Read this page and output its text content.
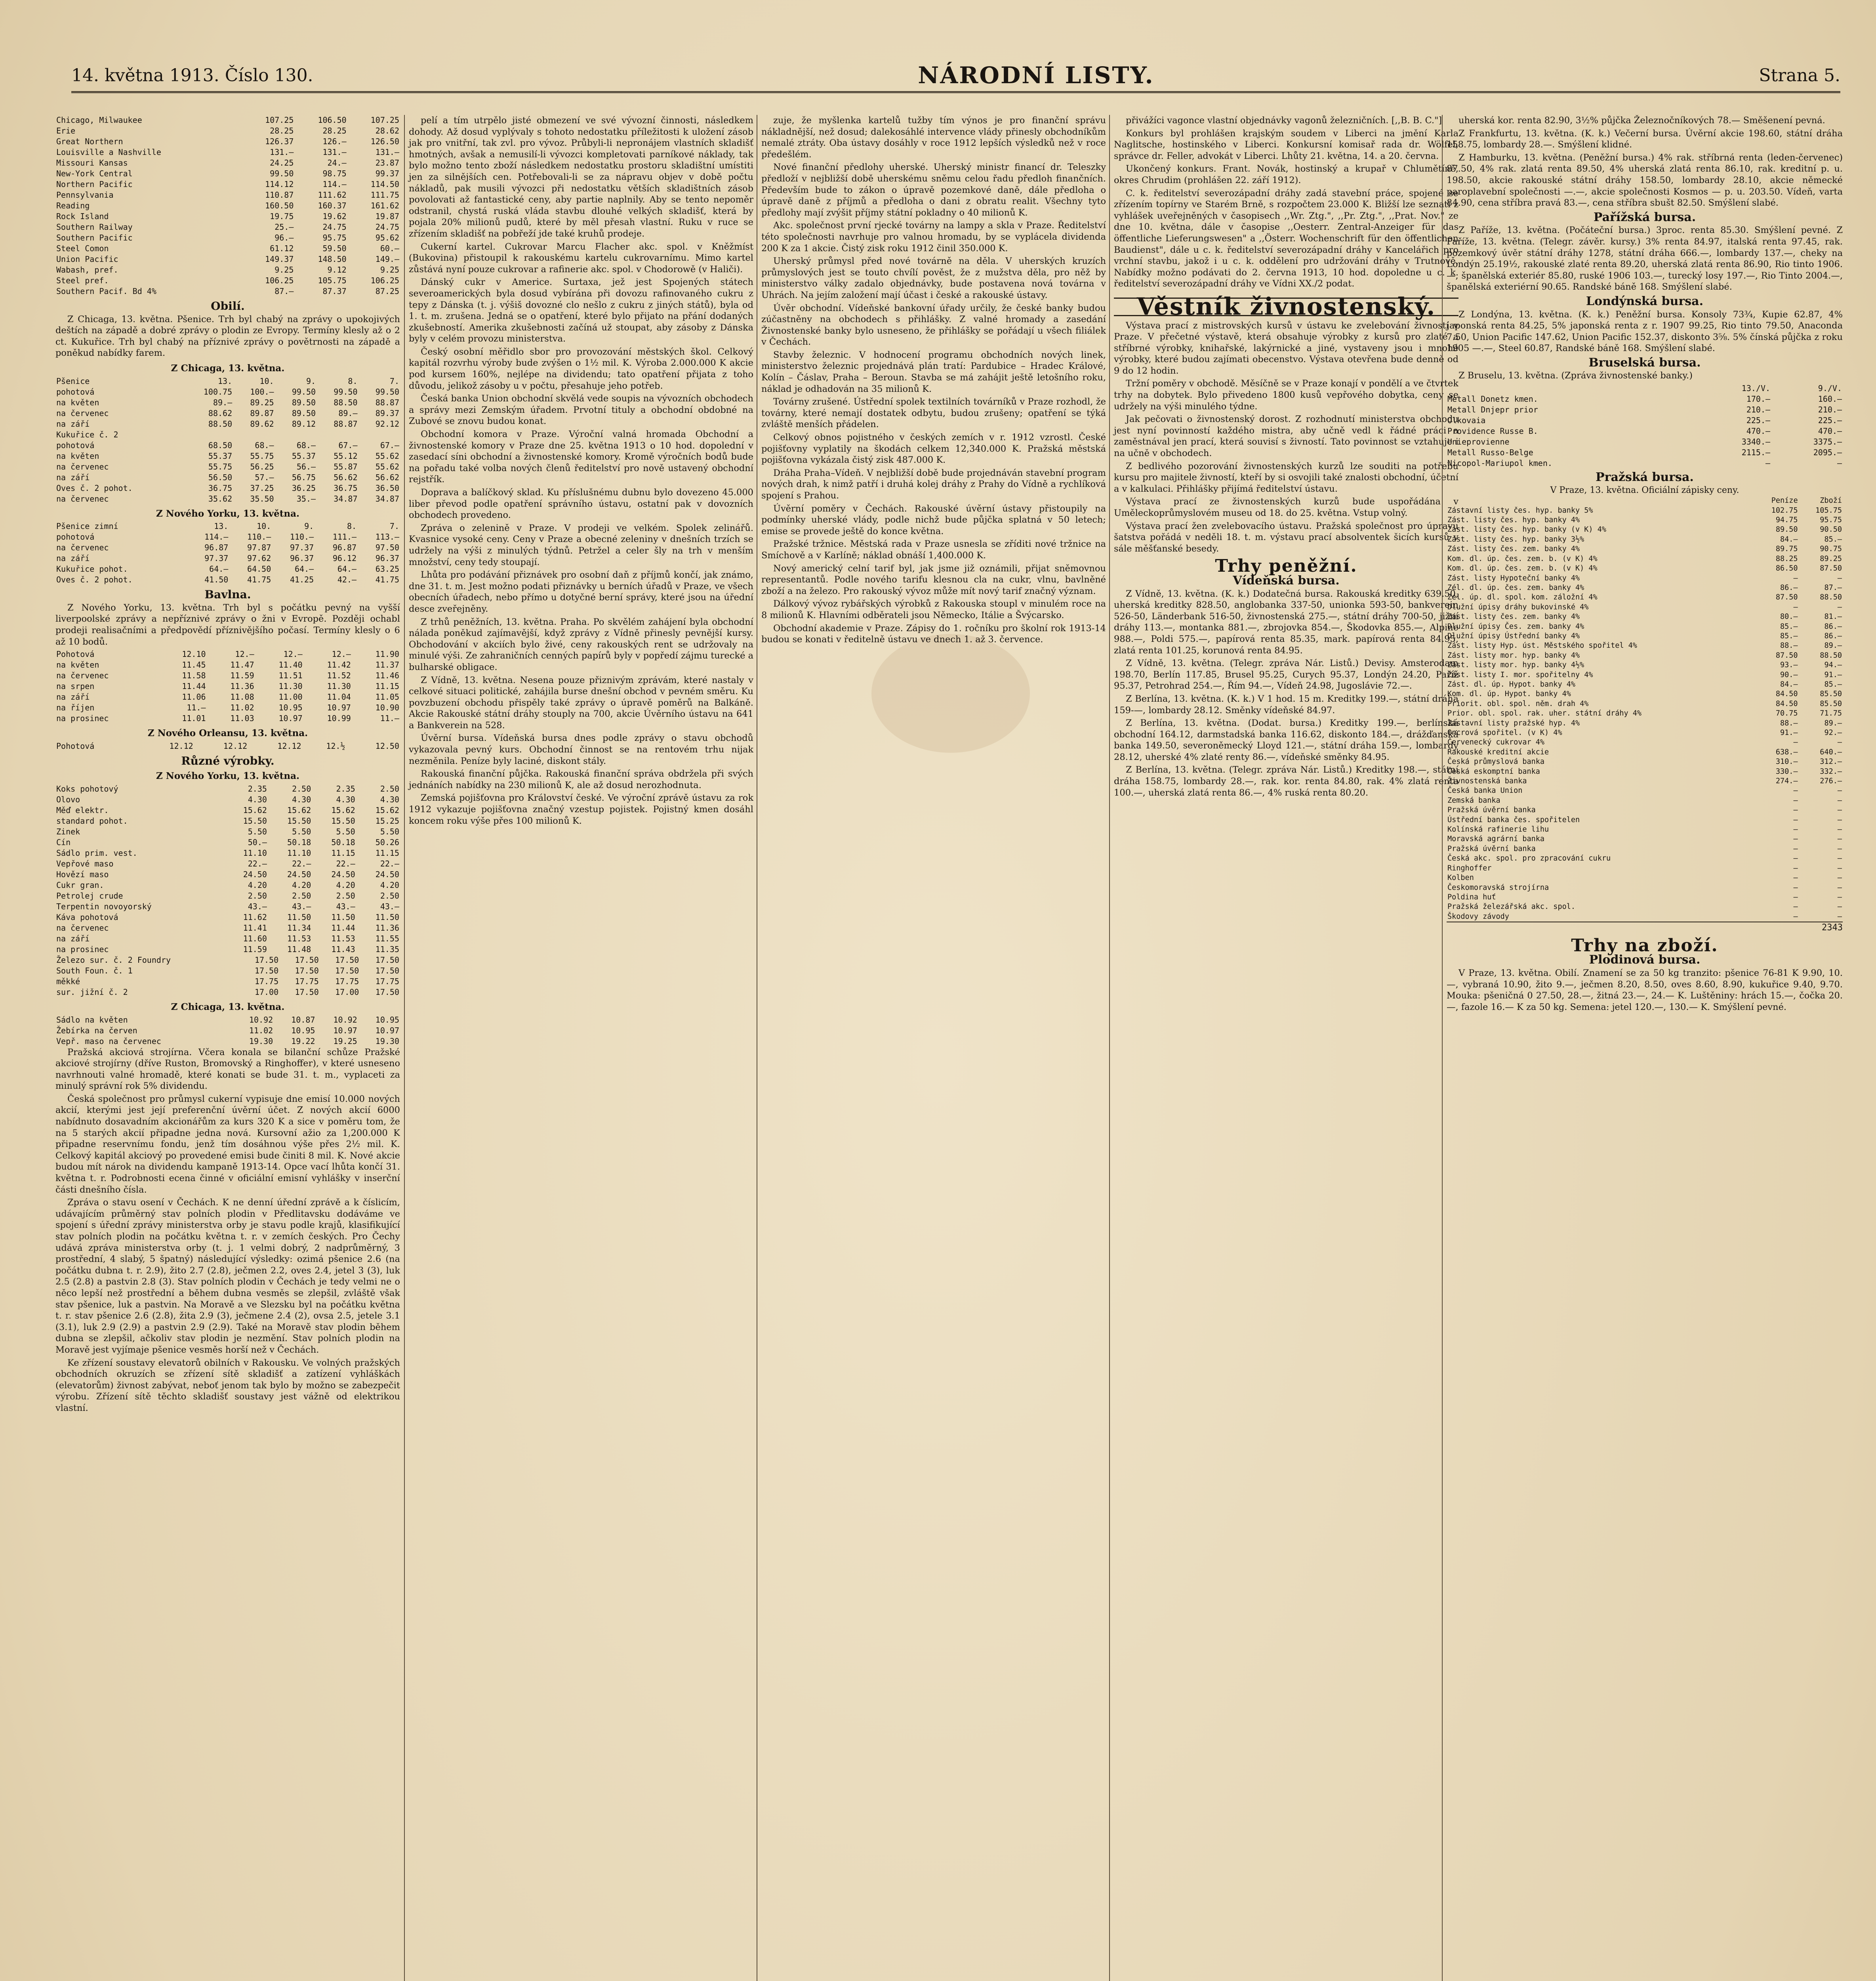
14. května 1913. Číslo 130.	NÁRODNÍ LISTY.	Strana 5.
Chicago, Milwaukee	107.25	106.50	107.25
Erie	28.25	28.25	28.62
Great Northern	126.37	126.—	126.50
Louisville a Nashville	131.—	131.—	131.—
Missouri Kansas	24.25	24.—	23.87
New-York Central	99.50	98.75	99.37
Northern Pacific	114.12	114.—	114.50
Pennsylvania	110.87	111.62	111.75
Reading	160.50	160.37	161.62
Rock Island	19.75	19.62	19.87
Southern Railway	25.—	24.75	24.75
Southern Pacific	96.—	95.75	95.62
Steel Comon	61.12	59.50	60.—
Union Pacific	149.37	148.50	149.—
Wabash, pref.	9.25	9.12	9.25
Steel pref.	106.25	105.75	106.25
Southern Pacif. Bd 4%	87.—	87.37	87.25
Obilí.

Z Chicaga, 13. května. Pšenice. Trh byl chabý na zprávy o upokojivých deštích na západě a dobré zprávy o plodin ze Evropy. Termíny klesly až o 2 ct. Kukuřice. Trh byl chabý na příznivé zprávy o povětrnosti na západě a poněkud nabídky farem.

Z Chicaga, 13. května.
Pšenice	13.	10.	9.	8.	7.
pohotová	100.75	100.—	99.50	99.50	99.50
na květen	89.—	89.25	89.50	88.50	88.87
na červenec	88.62	89.87	89.50	89.—	89.37
na září	88.50	89.62	89.12	88.87	92.12
Kukuřice č. 2					
pohotová	68.50	68.—	68.—	67.—	67.—
na květen	55.37	55.75	55.37	55.12	55.62
na červenec	55.75	56.25	56.—	55.87	55.62
na září	56.50	57.—	56.75	56.62	56.62
Oves č. 2 pohot.	36.75	37.25	36.25	36.75	36.50
na červenec	35.62	35.50	35.—	34.87	34.87
Z Nového Yorku, 13. května.
Pšenice zimní	13.	10.	9.	8.	7.
pohotová	114.—	110.—	110.—	111.—	113.—
na červenec	96.87	97.87	97.37	96.87	97.50
na září	97.37	97.62	96.37	96.12	96.37
Kukuřice pohot.	64.—	64.50	64.—	64.—	63.25
Oves č. 2 pohot.	41.50	41.75	41.25	42.—	41.75
Bavlna.

Z Nového Yorku, 13. května. Trh byl s počátku pevný na vyšší liverpoolské zprávy a nepříznivé zprávy o žni v Evropě. Později ochabl prodeji realisačními a předpovědí příznivějšího počasí. Termíny klesly o 6 až 10 bodů.

Pohotová	12.10	12.—	12.—	12.—	11.90
na květen	11.45	11.47	11.40	11.42	11.37
na červenec	11.58	11.59	11.51	11.52	11.46
na srpen	11.44	11.36	11.30	11.30	11.15
na září	11.06	11.08	11.00	11.04	11.05
na říjen	11.—	11.02	10.95	10.97	10.90
na prosinec	11.01	11.03	10.97	10.99	11.—
Z Nového Orleansu, 13. května.
Pohotová	12.12	12.12	12.12	12.½	12.50
Různé výrobky.
Z Nového Yorku, 13. května.
Koks pohotový	2.35	2.50	2.35	2.50
Olovo	4.30	4.30	4.30	4.30
Měď elektr.	15.62	15.62	15.62	15.62
standard pohot.	15.50	15.50	15.50	15.25
Zinek	5.50	5.50	5.50	5.50
Cín	50.—	50.18	50.18	50.26
Sádlo prim. vest.	11.10	11.10	11.15	11.15
Vepřové maso	22.—	22.—	22.—	22.—
Hovězí maso	24.50	24.50	24.50	24.50
Cukr gran.	4.20	4.20	4.20	4.20
Petrolej crude	2.50	2.50	2.50	2.50
Terpentin novoyorský	43.—	43.—	43.—	43.—
Káva pohotová	11.62	11.50	11.50	11.50
na červenec	11.41	11.34	11.44	11.36
na září	11.60	11.53	11.53	11.55
na prosinec	11.59	11.48	11.43	11.35
Železo sur. č. 2 Foundry	17.50	17.50	17.50	17.50
South Foun. č. 1	17.50	17.50	17.50	17.50
měkké	17.75	17.75	17.75	17.75
sur. jižní č. 2	17.00	17.50	17.00	17.50
Z Chicaga, 13. května.
Sádlo na květen	10.92	10.87	10.92	10.95
Žebírka na červen	11.02	10.95	10.97	10.97
Vepř. maso na červenec	19.30	19.22	19.25	19.30

Pražská akciová strojírna. Včera konala se bilanční schůze Pražské akciové strojírny (dříve Ruston, Bromovský a Ringhoffer), v které usneseno navrhnouti valné hromadě, které konati se bude 31. t. m., vyplaceti za minulý správní rok 5% dividendu.

Česká společnost pro průmysl cukerní vypisuje dne emisí 10.000 nových akcií, kterými jest její preferenční úvěrní účet. Z nových akcií 6000 nabídnuto dosavadním akcionářům za kurs 320 K a sice v poměru tom, že na 5 starých akcií připadne jedna nová. Kursovní ažio za 1,200.000 K připadne reservnímu fondu, jenž tím dosáhnou výše přes 2½ mil. K. Celkový kapitál akciový po provedené emisi bude činiti 8 mil. K. Nové akcie budou mít nárok na dividendu kampaně 1913-14. Opce vací lhůta končí 31. května t. r. Podrobnosti ecena činné v oficiální emisní vyhlášky v inserční části dnešního čísla.

Zpráva o stavu osení v Čechách. K ne denní úřední zprávě a k číslicím, udávajícím průměrný stav polních plodin v Předlitavsku dodáváme ve spojení s úřední zprávy ministerstva orby je stavu podle krajů, klasifikující stav polních plodin na počátku května t. r. v zemích českých. Pro Čechy udává zpráva ministerstva orby (t. j. 1 velmi dobrý, 2 nadprůměrný, 3 prostřední, 4 slabý, 5 špatný) následující výsledky: ozimá pšenice 2.6 (na počátku dubna t. r. 2.9), žito 2.7 (2.8), ječmen 2.2, oves 2.4, jetel 3 (3), luk 2.5 (2.8) a pastvin 2.8 (3). Stav polních plodin v Čechách je tedy velmi ne o něco lepší než prostřední a během dubna vesměs se zlepšil, zvláště však stav pšenice, luk a pastvin. Na Moravě a ve Slezsku byl na počátku května t. r. stav pšenice 2.6 (2.8), žita 2.9 (3), ječmene 2.4 (2), ovsa 2.5, jetele 3.1 (3.1), luk 2.9 (2.9) a pastvin 2.9 (2.9). Také na Moravě stav plodin během dubna se zlepšil, ačkoliv stav plodin je nezmění. Stav polních plodin na Moravě jest vyjímaje pšenice vesměs horší než v Čechách.

Ke zřízení soustavy elevatorů obilních v Rakousku. Ve volných pražských obchodních okruzích se zřízení sítě skladišť a zatízení vyhláškách (elevatorům) živnost zabývat, neboť jenom tak bylo by možno se zabezpečit výrobu. Zřízení sítě těchto skladišť soustavy jest vážně od elektrikou vlastní.

pelí a tím utrpělo jisté obmezení ve své vývozní činnosti, následkem dohody. Až dosud vyplývaly s tohoto nedostatku příležitosti k uložení zásob jak pro vnitřní, tak zvl. pro vývoz. Průbyli-li nepronájem vlastních skladišť hmotných, avšak a nemusilí-li vývozci kompletovati parníkové náklady, tak bylo možno tento zboží následkem nedostatku prostoru skladištní umístiti jen za silnějších cen. Potřebovali-li se za nápravu objev v době počtu nákladů, pak musili vývozci při nedostatku větších skladištních zásob povolovati až fantastické ceny, aby partie naplnily. Aby se tento nepoměr odstranil, chystá ruská vláda stavbu dlouhé velkých skladišť, která by pojala 20% milionů pudů, které by měl přesah vlastní. Ruku v ruce se zřízením skladišť na pobřeží jde také kruhů prodeje.

Cukerní kartel. Cukrovar Marcu Flacher akc. spol. v Kněžmíst (Bukovina) přistoupil k rakouskému kartelu cukrovarnímu. Mimo kartel zůstává nyní pouze cukrovar a rafinerie akc. spol. v Chodorowě (v Haliči).

Dánský cukr v Americe. Surtaxa, jež jest Spojených státech severoamerických byla dosud vybírána při dovozu rafinovaného cukru z tepy z Dánska (t. j. výšiš dovozné clo nešlo z cukru z jiných států), byla od 1. t. m. zrušena. Jedná se o opatření, které bylo přijato na přání dodaných zkušebností. Amerika zkušebnosti začíná už stoupat, aby zásoby z Dánska byly v celém provozu ministerstva.

Český osobní měřidlo sbor pro provozování městských škol. Celkový kapitál rozvrhu výroby bude zvýšen o 1½ mil. K. Výroba 2.000.000 K akcie pod kursem 160%, nejlépe na dividendu; tato opatření přijata z toho důvodu, jelikož zásoby u v počtu, přesahuje jeho potřeb.

Česká banka Union obchodní skvělá vede soupis na vývozních obchodech a správy mezi Zemským úřadem. Prvotní tituly a obchodní obdobné na Zubové se znovu budou konat.

Obchodní komora v Praze. Výroční valná hromada Obchodní a živnostenské komory v Praze dne 25. května 1913 o 10 hod. dopolední v zasedací síni obchodní a živnostenské komory. Kromě výročních bodů bude na pořadu také volba nových členů ředitelství pro nově ustavený obchodní rejstřík.

Doprava a balíčkový sklad. Ku příslušnému dubnu bylo dovezeno 45.000 liber převod podle opatření správního ústavu, ostatní pak v dovozních obchodech provedeno.

Zpráva o zelenině v Praze. V prodeji ve velkém. Spolek zelinářů. Kvasnice vysoké ceny. Ceny v Praze a obecné zeleniny v dnešních trzích se udržely na výši z minulých týdnů. Petržel a celer šly na trh v menším množství, ceny tedy stoupají.

Lhůta pro podávání přiznávek pro osobní daň z příjmů končí, jak známo, dne 31. t. m. Jest možno podati přiznávky u berních úřadů v Praze, ve všech obecních úřadech, nebo přímo u dotyčné berní správy, které jsou na úřední desce zveřejněny.

Z trhů peněžních, 13. května. Praha. Po skvělém zahájení byla obchodní nálada poněkud zajímavější, když zprávy z Vídně přinesly pevnější kursy. Obchodování v akciích bylo živé, ceny rakouských rent se udržovaly na minulé výši. Ze zahraničních cenných papírů byly v popředí zájmu turecké a bulharské obligace.

Z Vídně, 13. května. Nesena pouze přiznivým zprávám, které nastaly v celkové situaci politické, zahájila burse dnešní obchod v pevném směru. Ku povzbuzení obchodu přispěly také zprávy o úpravě poměrů na Balkáně. Akcie Rakouské státní dráhy stouply na 700, akcie Úvěrního ústavu na 641 a Bankverein na 528.

Úvěrní bursa. Vídeňská bursa dnes podle zprávy o stavu obchodů vykazovala pevný kurs. Obchodní činnost se na rentovém trhu nijak nezměnila. Peníze byly laciné, diskont stály.

Rakouská finanční půjčka. Rakouská finanční správa obdržela při svých jednáních nabídky na 230 milionů K, ale až dosud nerozhodnuta.

Zemská pojišťovna pro Království české. Ve výroční zprávě ústavu za rok 1912 vykazuje pojišťovna značný vzestup pojistek. Pojistný kmen dosáhl koncem roku výše přes 100 milionů K.

zuje, že myšlenka kartelů tužby tím výnos je pro finanční správu nákladnější, než dosud; dalekosáhlé intervence vlády přinesly obchodníkům nemalé ztráty. Oba ústavy dosáhly v roce 1912 lepších výsledků než v roce předešlém.

Nové finanční předlohy uherské. Uherský ministr financí dr. Teleszky předloží v nejbližší době uherskému sněmu celou řadu předloh finančních. Především bude to zákon o úpravě pozemkové daně, dále předloha o úpravě daně z příjmů a předloha o dani z obratu realit. Všechny tyto předlohy mají zvýšit příjmy státní pokladny o 40 milionů K.

Akc. společnost první rjecké továrny na lampy a skla v Praze. Ředitelství této společnosti navrhuje pro valnou hromadu, by se vyplácela dividenda 200 K za 1 akcie. Čistý zisk roku 1912 činil 350.000 K.

Uherský průmysl před nové továrně na děla. V uherských kruzích průmyslových jest se touto chvílí pověst, že z mužstva děla, pro něž by ministerstvo války zadalo objednávky, bude postavena nová továrna v Uhrách. Na jejím založení mají účast i české a rakouské ústavy.

Úvěr obchodní. Vídeňské bankovní úřady určily, že české banky budou zúčastněny na obchodech s přihlášky. Z valné hromady a zasedání Živnostenské banky bylo usneseno, že přihlášky se pořádají u všech filiálek v Čechách.

Stavby železnic. V hodnocení programu obchodních nových linek, ministerstvo železnic projednává plán tratí: Pardubice – Hradec Králové, Kolín – Čáslav, Praha – Beroun. Stavba se má zahájit ještě letošního roku, náklad je odhadován na 35 milionů K.

Továrny zrušené. Ústřední spolek textilních továrníků v Praze rozhodl, že továrny, které nemají dostatek odbytu, budou zrušeny; opatření se týká zvláště menších přádelen.

Celkový obnos pojistného v českých zemích v r. 1912 vzrostl. České pojišťovny vyplatily na škodách celkem 12,340.000 K. Pražská městská pojišťovna vykázala čistý zisk 487.000 K.

Dráha Praha–Vídeň. V nejbližší době bude projednáván stavební program nových drah, k nimž patří i druhá kolej dráhy z Prahy do Vídně a rychlíková spojení s Prahou.

Úvěrní poměry v Čechách. Rakouské úvěrní ústavy přistoupily na podmínky uherské vlády, podle nichž bude půjčka splatná v 50 letech; emise se provede ještě do konce května.

Pražské tržnice. Městská rada v Praze usnesla se zříditi nové tržnice na Smíchově a v Karlíně; náklad obnáší 1,400.000 K.

Nový americký celní tarif byl, jak jsme již oznámili, přijat sněmovnou representantů. Podle nového tarifu klesnou cla na cukr, vlnu, bavlněné zboží a na železo. Pro rakouský vývoz může mít nový tarif značný význam.

Dálkový vývoz rybářských výrobků z Rakouska stoupl v minulém roce na 8 milionů K. Hlavními odběrateli jsou Německo, Itálie a Švýcarsko.

Obchodní akademie v Praze. Zápisy do 1. ročníku pro školní rok 1913-14 budou se konati v ředitelně ústavu ve dnech 1. až 3. července.

přivážíci vagonce vlastní objednávky vagonů železničních. [,,B. B. C."]

Konkurs byl prohlášen krajským soudem v Liberci na jmění Karla Naglitsche, hostinského v Liberci. Konkursní komisař rada dr. Wölfel, správce dr. Feller, advokát v Liberci. Lhůty 21. května, 14. a 20. června.

Ukončený konkurs. Frant. Novák, hostinský a krupař v Chlumětíně, okres Chrudim (prohlášen 22. září 1912).

C. k. ředitelství severozápadní dráhy zadá stavební práce, spojené se zřízením topírny ve Starém Brně, s rozpočtem 23.000 K. Bližší lze seznati z vyhlášek uveřejněných v časopisech ,,Wr. Ztg.", ,,Pr. Ztg.", ,,Prat. Nov." ze dne 10. května, dále v časopise ,,Oesterr. Zentral-Anzeiger für das öffentliche Lieferungswesen" a ,,Österr. Wochenschrift für den öffentlichen Baudienst", dále u c. k. ředitelství severozápadní dráhy v Kancelářich pro vrchní stavbu, jakož i u c. k. oddělení pro udržování dráhy v Trutnově. Nabídky možno podávati do 2. června 1913, 10 hod. dopoledne u c. k. ředitelství severozápadní dráhy ve Vídni XX./2 podat.

Věstník živnostenský.

Výstava prací z mistrovských kursů v ústavu ke zvelebování živností v Praze. V přečetné výstavě, která obsahuje výrobky z kursů pro zlaté a stříbrné výrobky, knihařské, lakýrnické a jiné, vystaveny jsou i mnohé výrobky, které budou zajímati obecenstvo. Výstava otevřena bude denně od 9 do 12 hodin.

Tržní poměry v obchodě. Měsíčně se v Praze konají v pondělí a ve čtvrtek trhy na dobytek. Bylo přivedeno 1800 kusů vepřového dobytka, ceny se udržely na výši minulého týdne.

Jak pečovati o živnostenský dorost. Z rozhodnutí ministerstva obchodu jest nyní povinností každého mistra, aby učně vedl k řádné práci a zaměstnával jen prací, která souvisí s živností. Tato povinnost se vztahuje i na učně v obchodech.

Z bedlivého pozorování živnostenských kurzů lze souditi na potřebu kursu pro majitele živností, kteří by si osvojili také znalosti obchodní, účetní a v kalkulaci. Přihlášky přijímá ředitelství ústavu.

Výstava prací ze živnostenských kurzů bude uspořádána v Uměleckoprůmyslovém museu od 18. do 25. května. Vstup volný.

Výstava prací žen zvelebovacího ústavu. Pražská společnost pro úpravu šatstva pořádá v neděli 18. t. m. výstavu prací absolventek šicích kursů v sále měšťanské besedy.

Trhy peněžní.
Vídeňská bursa.

Z Vídně, 13. května. (K. k.) Dodatečná bursa. Rakouská kreditky 639.50, uherská kreditky 828.50, anglobanka 337-50, unionka 593-50, bankverein 526-50, Länderbank 516-50, živnostenská 275.—, státní dráhy 700-50, jižní dráhy 113.—, montanka 881.—, zbrojovka 854.—, Škodovka 855.—, Alpine 988.—, Poldi 575.—, papírová renta 85.35, mark. papírová renta 84.95, zlatá renta 101.25, korunová renta 84.95.

Z Vídně, 13. května. (Telegr. zpráva Nár. Listů.) Devisy. Amsterodam 198.70, Berlín 117.85, Brusel 95.25, Curych 95.37, Londýn 24.20, Paříž 95.37, Petrohrad 254.—, Řím 94.—, Vídeň 24.98, Jugoslávie 72.—.

Z Berlína, 13. května. (K. k.) V 1 hod. 15 m. Kreditky 199.—, státní dráha 159-—, lombardy 28.12. Směnky vídeňské 84.97.

Z Berlína, 13. května. (Dodat. bursa.) Kreditky 199.—, berlínská obchodní 164.12, darmstadská banka 116.62, diskonto 184.—, drážďanská banka 149.50, severoněmecký Lloyd 121.—, státní dráha 159.—, lombardy 28.12, uherské 4% zlaté renty 86.—, vídeňské směnky 84.95.

Z Berlína, 13. května. (Telegr. zpráva Nár. Listů.) Kreditky 198.—, státní dráha 158.75, lombardy 28.—, rak. kor. renta 84.80, rak. 4% zlatá renta 100.—, uherská zlatá renta 86.—, 4% ruská renta 80.20.

uherská kor. renta 82.90, 3½% půjčka Železnočníkových 78.— Směšenení pevná.

Z Frankfurtu, 13. května. (K. k.) Večerní bursa. Úvěrní akcie 198.60, státní dráha 158.75, lombardy 28.—. Smýšlení klidné.

Z Hamburku, 13. května. (Peněžní bursa.) 4% rak. stříbrná renta (leden-červenec) 87.50, 4% rak. zlatá renta 89.50, 4% uherská zlatá renta 86.10, rak. kreditní p. u. 198.50, akcie rakouské státní dráhy 158.50, lombardy 28.10, akcie německé paroplavební společnosti —.—, akcie společnosti Kosmos — p. u. 203.50. Vídeň, varta 84.90, cena stříbra pravá 83.—, cena stříbra sbušt 82.50. Smýšlení slabé.

Pařížská bursa.

Z Paříže, 13. května. (Počáteční bursa.) 3proc. renta 85.30. Smýšlení pevné. Z Paříže, 13. května. (Telegr. závěr. kursy.) 3% renta 84.97, italská renta 97.45, rak. pozemkový úvěr státní dráhy 1278, státní dráha 666.—, lombardy 137.—, cheky na Londýn 25.19½, rakouské zlaté renta 89.20, uherská zlatá renta 86.90, Rio tinto 1906.—, španělská exteriér 85.80, ruské 1906 103.—, turecký losy 197.—, Rio Tinto 2004.—, španělská exteriérní 90.65. Randské báně 168. Smýšlení slabé.

Londýnská bursa.

Z Londýna, 13. května. (K. k.) Peněžní bursa. Konsoly 73¾, Kupie 62.87, 4% japonská renta 84.25, 5% japonská renta z r. 1907 99.25, Rio tinto 79.50, Anaconda 7.50, Union Pacific 147.62, Union Pacific 152.37, diskonto 3⅝. 5% čínská půjčka z roku 1905 —.—, Steel 60.87, Randské báně 168. Smýšlení slabé.

Bruselská bursa.

Z Bruselu, 13. května. (Zpráva živnostenské banky.)

	13./V.	9./V.
Metall Donetz kmen.	170.—	160.—
Metall Dnjepr prior	210.—	210.—
Olkovaia	225.—	225.—
Providence Russe B.	470.—	470.—
Unieprovienne	3340.—	3375.—
Metall Russo-Belge	2115.—	2095.—
Nicopol-Mariupol kmen.	—	—
Pražská bursa.
V Praze, 13. května. Oficiální zápisky ceny.
	Peníze	Zboží
Zástavní listy čes. hyp. banky 5%	102.75	105.75
Zást. listy čes. hyp. banky 4%	94.75	95.75
Zást. listy čes. hyp. banky (v K) 4%	89.50	90.50
Zást. listy čes. hyp. banky 3½%	84.—	85.—
Zást. listy čes. zem. banky 4%	89.75	90.75
Kom. dl. úp. čes. zem. b. (v K) 4%	88.25	89.25
Kom. dl. úp. čes. zem. b. (v K) 4%	86.50	87.50
Zást. listy Hypoteční banky 4%	—	—
Zél. dl. úp. čes. zem. banky 4%	86.—	87.—
Zél. úp. dl. spol. kom. záložní 4%	87.50	88.50
Dlužní úpisy dráhy bukovinské 4%	—	—
Zást. listy čes. zem. banky 4%	80.—	81.—
Dlužní úpisy Čes. zem. banky 4%	85.—	86.—
Dlužní úpisy Ústřední banky 4%	85.—	86.—
Zást. listy Hyp. úst. Městského spořitel 4%	88.—	89.—
Zást. listy mor. hyp. banky 4%	87.50	88.50
Zást. listy mor. hyp. banky 4½%	93.—	94.—
Zást. listy I. mor. spořitelny 4%	90.—	91.—
Zást. dl. úp. Hypot. banky 4%	84.—	85.—
Kom. dl. úp. Hypot. banky 4%	84.50	85.50
Priorit. obl. spol. něm. drah 4%	84.50	85.50
Prior. obl. spol. rak. uher. státní dráhy 4%	70.75	71.75
Zástavní listy pražské hyp. 4%	88.—	89.—
Oncrová spořitel. (v K) 4%	91.—	92.—
Červenecký cukrovar 4%	—	—
Rakouské kreditní akcie	638.—	640.—
Česká průmyslová banka	310.—	312.—
Česká eskomptní banka	330.—	332.—
Živnostenská banka	274.—	276.—
Česká banka Union	—	—
Zemská banka	—	—
Pražská úvěrní banka	—	—
Ústřední banka čes. spořitelen	—	—
Kolínská rafinerie lihu	—	—
Moravská agrární banka	—	—
Pražská úvěrní banka	—	—
Česká akc. spol. pro zpracování cukru	—	—
Ringhoffer	—	—
Kolben	—	—
Českomoravská strojírna	—	—
Poldina huť	—	—
Pražská železářská akc. spol.	—	—
Škodovy závody	—	—
2343
Trhy na zboží.
Plodinová bursa.

V Praze, 13. května. Obilí. Znamení se za 50 kg tranzito: pšenice 76-81 K 9.90, 10.—, vybraná 10.90, žito 9.—, ječmen 8.20, 8.50, oves 8.60, 8.90, kukuřice 9.40, 9.70. Mouka: pšeničná 0 27.50, 28.—, žitná 23.—, 24.— K. Luštěniny: hrách 15.—, čočka 20.—, fazole 16.— K za 50 kg. Semena: jetel 120.—, 130.— K. Smýšlení pevné.
